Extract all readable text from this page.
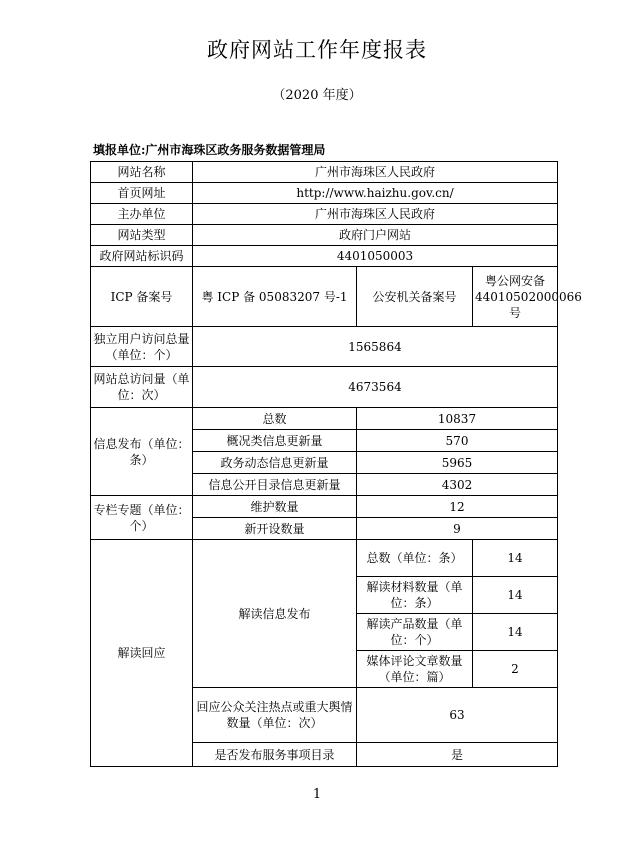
政府网站工作年度报表
（2020 年度）
填报单位:广州市海珠区政务服务数据管理局
网站名称	广州市海珠区人民政府		
首页网址	http://www.haizhu.gov.cn/		
主办单位	广州市海珠区人民政府		
网站类型	政府门户网站		
政府网站标识码	4401050003		
ICP 备案号	粤 ICP 备 05083207 号-1	公安机关备案号	粤公网安备 44010502000066 号
独立用户访问总量（单位：个）	1565864		
网站总访问量（单位：次）	4673564		
信息发布（单位：条）	总数	10837	
	概况类信息更新量	570	
	政务动态信息更新量	5965	
	信息公开目录信息更新量	4302	
专栏专题（单位：个）	维护数量	12	
	新开设数量	9	
解读回应	解读信息发布	总数（单位：条）	14
		解读材料数量（单位：条）	14
		解读产品数量（单位：个）	14
		媒体评论文章数量（单位：篇）	2
	回应公众关注热点或重大舆情数量（单位：次）	63	
	是否发布服务事项目录	是	
1
